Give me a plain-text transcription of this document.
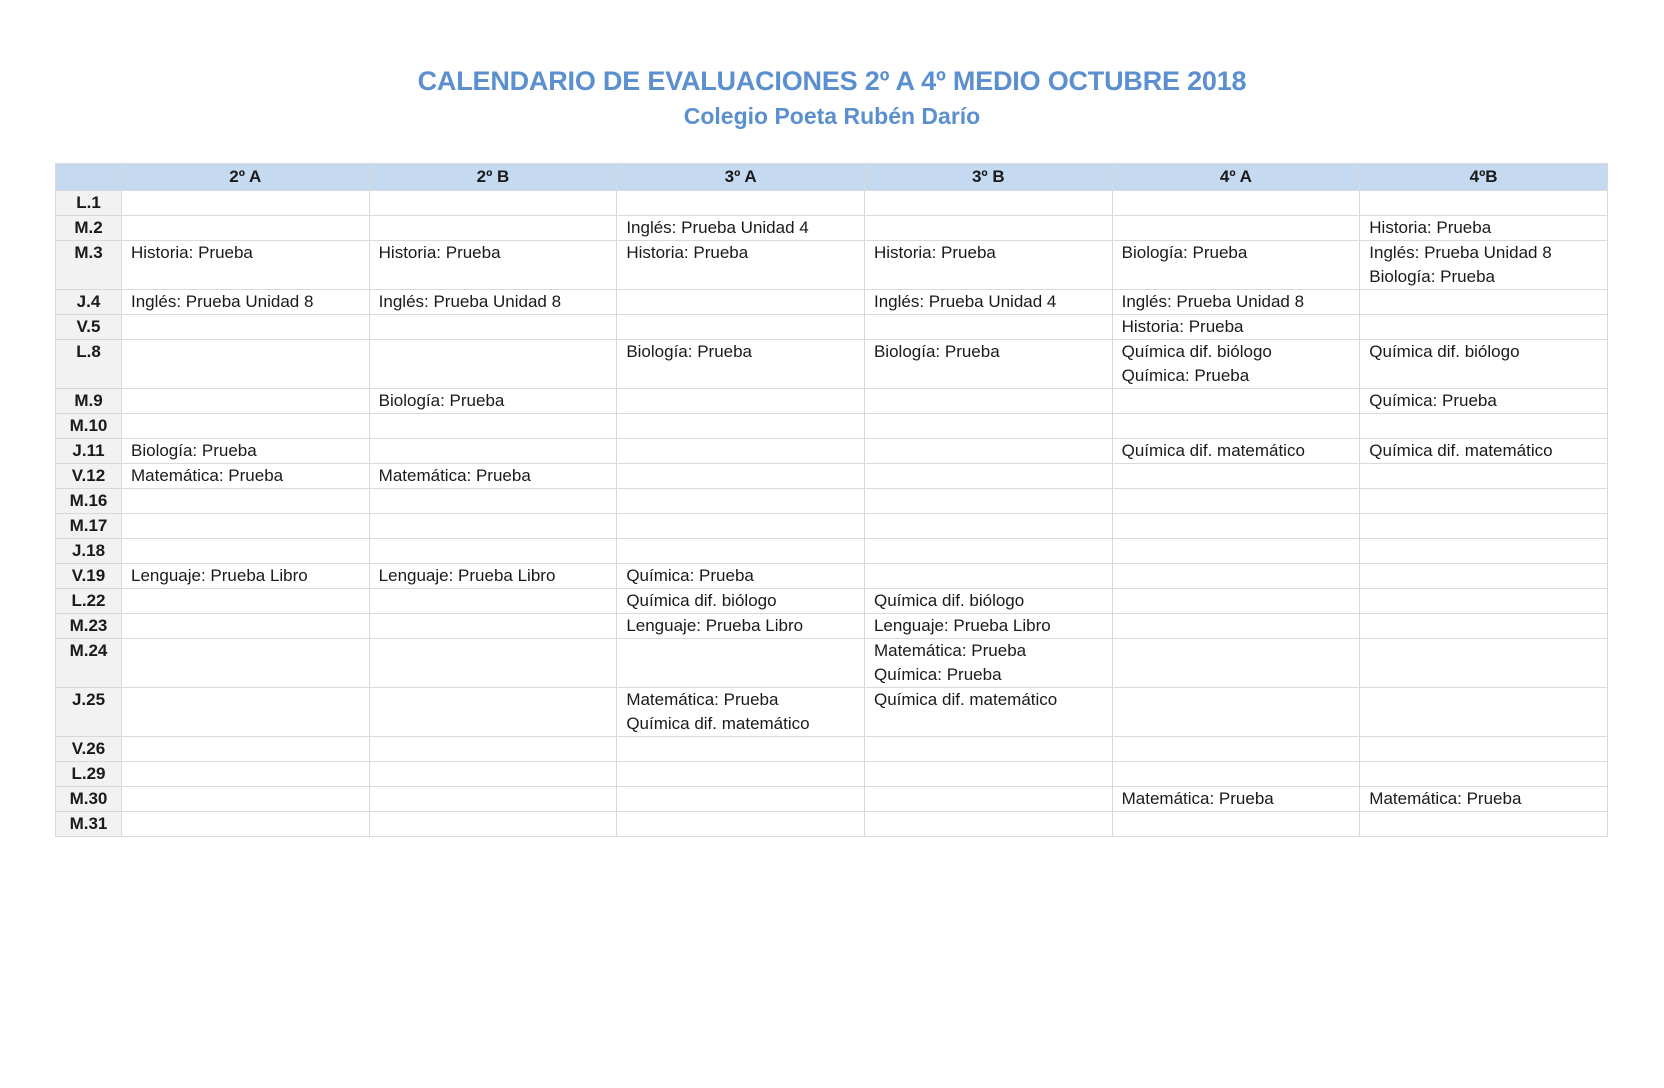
CALENDARIO DE EVALUACIONES 2º A 4º MEDIO OCTUBRE 2018
Colegio Poeta Rubén Darío
	2º A	2º B	3º A	3º B	4º A	4ºB
L.1						
M.2			Inglés: Prueba Unidad 4			Historia: Prueba

M.3	Historia: Prueba	Historia: Prueba	Historia: Prueba	Historia: Prueba	Biología: Prueba	Inglés: Prueba Unidad 8
Biología: Prueba

J.4	Inglés: Prueba Unidad 8	Inglés: Prueba Unidad 8		Inglés: Prueba Unidad 4	Inglés: Prueba Unidad 8	

V.5					Historia: Prueba	

L.8			Biología: Prueba	Biología: Prueba	Química dif. biólogo
Química: Prueba	Química dif. biólogo

M.9		Biología: Prueba				Química: Prueba

M.10						
J.11	Biología: Prueba				Química dif. matemático	Química dif. matemático

V.12	Matemática: Prueba	Matemática: Prueba				

M.16						
M.17						
J.18						
V.19	Lenguaje: Prueba Libro	Lenguaje: Prueba Libro	Química: Prueba			

L.22			Química dif. biólogo	Química dif. biólogo		

M.23			Lenguaje: Prueba Libro	Lenguaje: Prueba Libro		

M.24				Matemática: Prueba
Química: Prueba		

J.25			Matemática: Prueba
Química dif. matemático	Química dif. matemático		

V.26						
L.29						
M.30					Matemática: Prueba	Matemática: Prueba

M.31						
